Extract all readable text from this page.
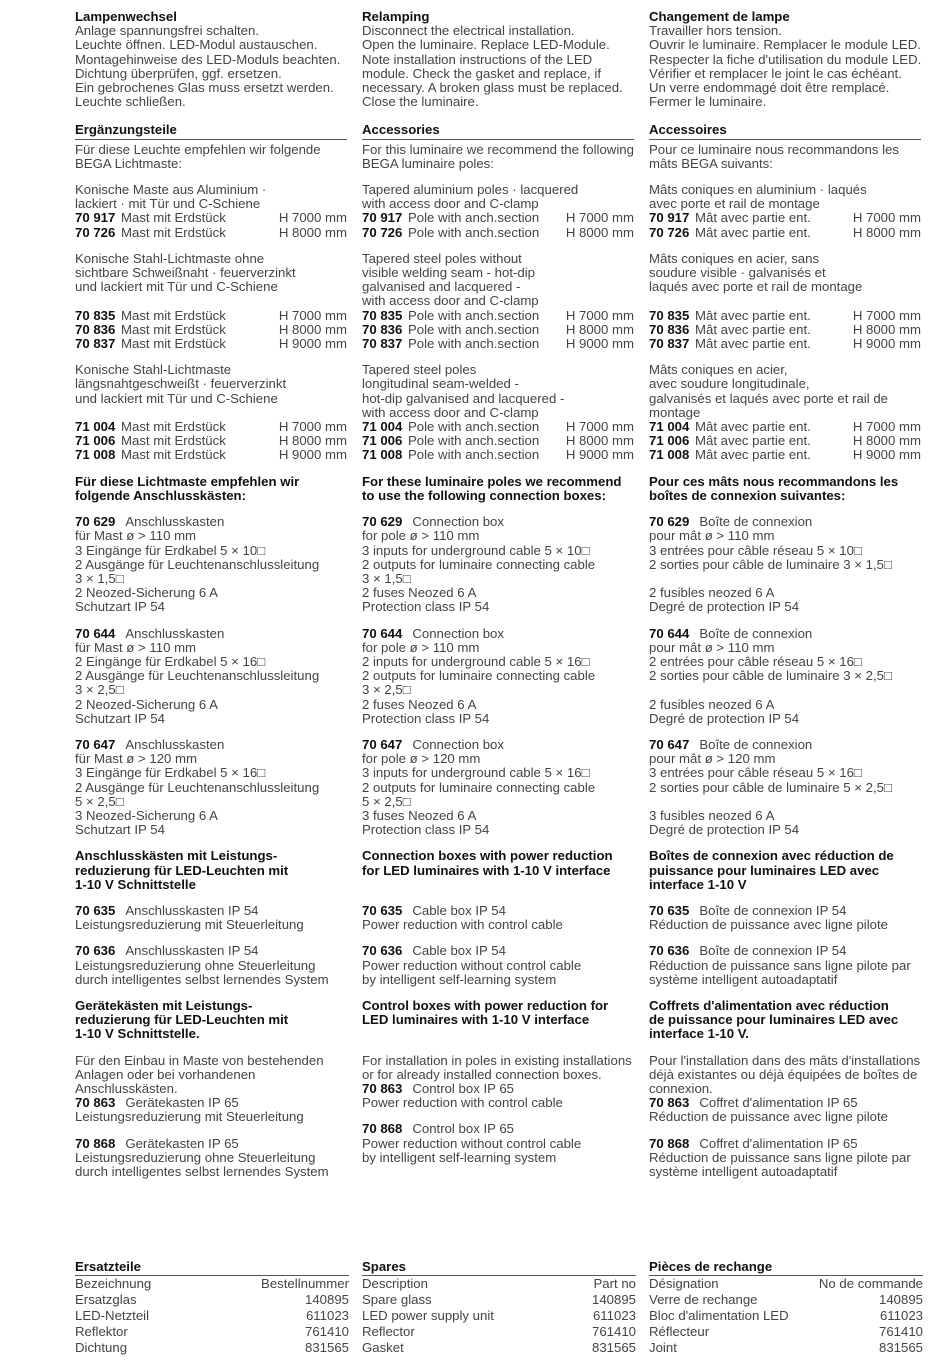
Lampenwechsel
Anlage spannungsfrei schalten.
Leuchte öffnen. LED-Modul austauschen.
Montagehinweise des LED-Moduls beachten.
Dichtung überprüfen, ggf. ersetzen.
Ein gebrochenes Glas muss ersetzt werden.
Leuchte schließen.
Ergänzungsteile
Für diese Leuchte empfehlen wir folgende
BEGA Lichtmaste:
Konische Maste aus Aluminium ·
lackiert · mit Tür und C-Schiene
70 917 Mast mit Erdstück	H 7000 mm
70 726 Mast mit Erdstück	H 8000 mm
Konische Stahl-Lichtmaste ohne
sichtbare Schweißnaht · feuerverzinkt
und lackiert mit Tür und C-Schiene

70 835 Mast mit Erdstück	H 7000 mm
70 836 Mast mit Erdstück	H 8000 mm
70 837 Mast mit Erdstück	H 9000 mm
Konische Stahl-Lichtmaste
längsnahtgeschweißt · feuerverzinkt
und lackiert mit Tür und C-Schiene

71 004 Mast mit Erdstück	H 7000 mm
71 006 Mast mit Erdstück	H 8000 mm
71 008 Mast mit Erdstück	H 9000 mm
Für diese Lichtmaste empfehlen wir
folgende Anschlusskästen:
70 629 Anschlusskasten
für Mast ø > 110 mm
3 Eingänge für Erdkabel 5 × 10□
2 Ausgänge für Leuchtenanschlussleitung
3 × 1,5□
2 Neozed-Sicherung 6 A
Schutzart IP 54
70 644 Anschlusskasten
für Mast ø > 110 mm
2 Eingänge für Erdkabel 5 × 16□
2 Ausgänge für Leuchtenanschlussleitung
3 × 2,5□
2 Neozed-Sicherung 6 A
Schutzart IP 54
70 647 Anschlusskasten
für Mast ø > 120 mm
3 Eingänge für Erdkabel 5 × 16□
2 Ausgänge für Leuchtenanschlussleitung
5 × 2,5□
3 Neozed-Sicherung 6 A
Schutzart IP 54
Anschlusskästen mit Leistungs-
reduzierung für LED-Leuchten mit
1-10 V Schnittstelle
70 635 Anschlusskasten IP 54
Leistungsreduzierung mit Steuerleitung
70 636 Anschlusskasten IP 54
Leistungsreduzierung ohne Steuerleitung
durch intelligentes selbst lernendes System
Gerätekästen mit Leistungs-
reduzierung für LED-Leuchten mit
1-10 V Schnittstelle.
Für den Einbau in Maste von bestehenden
Anlagen oder bei vorhandenen
Anschlusskästen.
70 863 Gerätekasten IP 65
Leistungsreduzierung mit Steuerleitung
70 868 Gerätekasten IP 65
Leistungsreduzierung ohne Steuerleitung
durch intelligentes selbst lernendes System
Ersatzteile
Bezeichnung	Bestellnummer
Ersatzglas	140895
LED-Netzteil	611023
Reflektor	761410
Dichtung	831565
Relamping
Disconnect the electrical installation.
Open the luminaire. Replace LED-Module.
Note installation instructions of the LED
module. Check the gasket and replace, if
necessary. A broken glass must be replaced.
Close the luminaire.
Accessories
For this luminaire we recommend the following
BEGA luminaire poles:
Tapered aluminium poles · lacquered
with access door and C-clamp
70 917 Pole with anch.section	H 7000 mm
70 726 Pole with anch.section	H 8000 mm
Tapered steel poles without
visible welding seam - hot-dip
galvanised and lacquered -
with access door and C-clamp
70 835 Pole with anch.section	H 7000 mm
70 836 Pole with anch.section	H 8000 mm
70 837 Pole with anch.section	H 9000 mm
Tapered steel poles
longitudinal seam-welded -
hot-dip galvanised and lacquered -
with access door and C-clamp
71 004 Pole with anch.section	H 7000 mm
71 006 Pole with anch.section	H 8000 mm
71 008 Pole with anch.section	H 9000 mm
For these luminaire poles we recommend
to use the following connection boxes:
70 629 Connection box
for pole ø > 110 mm
3 inputs for underground cable 5 × 10□
2 outputs for luminaire connecting cable
3 × 1,5□
2 fuses Neozed 6 A
Protection class IP 54
70 644 Connection box
for pole ø > 110 mm
2 inputs for underground cable 5 × 16□
2 outputs for luminaire connecting cable
3 × 2,5□
2 fuses Neozed 6 A
Protection class IP 54
70 647 Connection box
for pole ø > 120 mm
3 inputs for underground cable 5 × 16□
2 outputs for luminaire connecting cable
5 × 2,5□
3 fuses Neozed 6 A
Protection class IP 54
Connection boxes with power reduction
for LED luminaires with 1-10 V interface

70 635 Cable box IP 54
Power reduction with control cable
70 636 Cable box IP 54
Power reduction without control cable
by intelligent self-learning system
Control boxes with power reduction for
LED luminaires with 1-10 V interface

For installation in poles in existing installations
or for already installed connection boxes.
70 863 Control box IP 65
Power reduction with control cable
70 868 Control box IP 65
Power reduction without control cable
by intelligent self-learning system
Spares
Description	Part no
Spare glass	140895
LED power supply unit	611023
Reflector	761410
Gasket	831565
Changement de lampe
Travailler hors tension.
Ouvrir le luminaire. Remplacer le module LED.
Respecter la fiche d'utilisation du module LED.
Vérifier et remplacer le joint le cas échéant.
Un verre endommagé doit être remplacé.
Fermer le luminaire.
Accessoires
Pour ce luminaire nous recommandons les
mâts BEGA suivants:
Mâts coniques en aluminium · laqués
avec porte et rail de montage
70 917 Mât avec partie ent.	H 7000 mm
70 726 Mât avec partie ent.	H 8000 mm
Mâts coniques en acier, sans
soudure visible · galvanisés et
laqués avec porte et rail de montage

70 835 Mât avec partie ent.	H 7000 mm
70 836 Mât avec partie ent.	H 8000 mm
70 837 Mât avec partie ent.	H 9000 mm
Mâts coniques en acier,
avec soudure longitudinale,
galvanisés et laqués avec porte et rail de
montage
71 004 Mât avec partie ent.	H 7000 mm
71 006 Mât avec partie ent.	H 8000 mm
71 008 Mât avec partie ent.	H 9000 mm
Pour ces mâts nous recommandons les
boîtes de connexion suivantes:
70 629 Boîte de connexion
pour mât ø > 110 mm
3 entrées pour câble réseau 5 × 10□
2 sorties pour câble de luminaire 3 × 1,5□

2 fusibles neozed 6 A
Degré de protection IP 54
70 644 Boîte de connexion
pour mât ø > 110 mm
2 entrées pour câble réseau 5 × 16□
2 sorties pour câble de luminaire 3 × 2,5□

2 fusibles neozed 6 A
Degré de protection IP 54
70 647 Boîte de connexion
pour mât ø > 120 mm
3 entrées pour câble réseau 5 × 16□
2 sorties pour câble de luminaire 5 × 2,5□

3 fusibles neozed 6 A
Degré de protection IP 54
Boîtes de connexion avec réduction de
puissance pour luminaires LED avec
interface 1-10 V
70 635 Boîte de connexion IP 54
Réduction de puissance avec ligne pilote
70 636 Boîte de connexion IP 54
Réduction de puissance sans ligne pilote par
système intelligent autoadaptatif
Coffrets d'alimentation avec réduction
de puissance pour luminaires LED avec
interface 1-10 V.
Pour l'installation dans des mâts d'installations
déjà existantes ou déjà équipées de boîtes de
connexion.
70 863 Coffret d'alimentation IP 65
Réduction de puissance avec ligne pilote
70 868 Coffret d'alimentation IP 65
Réduction de puissance sans ligne pilote par
système intelligent autoadaptatif
Pièces de rechange
Désignation	No de commande
Verre de rechange	140895
Bloc d'alimentation LED	611023
Réflecteur	761410
Joint	831565
